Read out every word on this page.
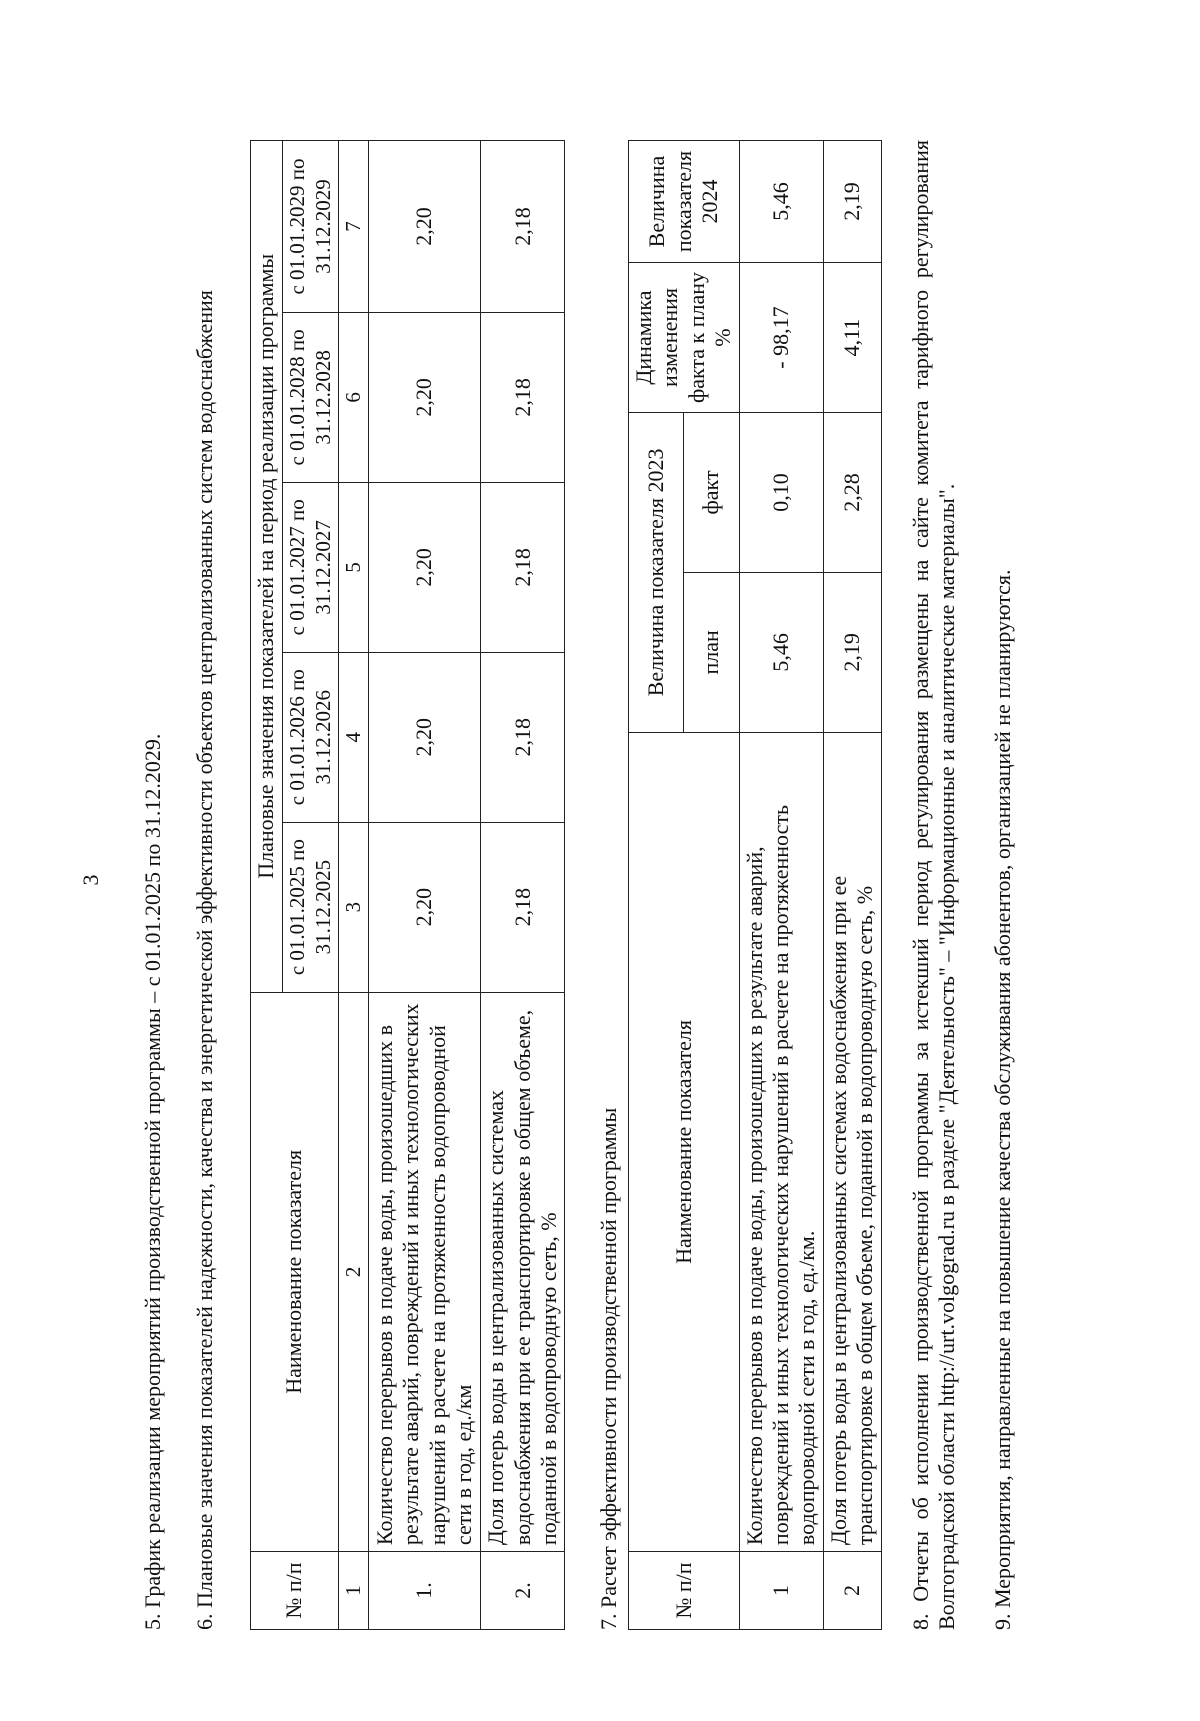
3 5. График реализации мероприятий производственной программы – с 01.01.2025 по 31.12.2029. 6. Плановые значения показателей надежности, качества и энергетической эффективности объектов централизованных систем водоснабжения	№ п/п	Наименование показателя	Плановые значения показателей на период реализации программы				
		с 01.01.2025 по 31.12.2025	с 01.01.2026 по 31.12.2026	с 01.01.2027 по 31.12.2027	с 01.01.2028 по 31.12.2028	с 01.01.2029 по 31.12.2029
1	2	3	4	5	6	7
1.	Количество перерывов в подаче воды, произошедших в результате аварий, повреждений и иных технологических нарушений в расчете на протяженность водопроводной сети в год, ед./км	2,20	2,20	2,20	2,20	2,20
2.	Доля потерь воды в централизованных системах водоснабжения при ее транспортировке в общем объеме, поданной в водопроводную сеть, %	2,18	2,18	2,18	2,18	2,18
7. Расчет эффективности производственной программы № п/п	Наименование показателя	Величина показателя 2023		Динамика изменения факта к плану %	Величина показателя 2024
		план	факт		
1	Количество перерывов в подаче воды, произошедших в результате аварий, повреждений и иных технологических нарушений в расчете на протяженность водопроводной сети в год, ед./км.	5,46	0,10	- 98,17	5,46
2	Доля потерь воды в централизованных системах водоснабжения при ее транспортировке в общем объеме, поданной в водопроводную сеть, %	2,19	2,28	4,11	2,19 8. Отчеты об исполнении производственной программы за истекший период регулирования размещены на сайте комитета тарифного регулирования Волгоградской области http://urt.volgograd.ru в разделе "Деятельность" – "Информационные и аналитические материалы". 9. Мероприятия, направленные на повышение качества обслуживания абонентов, организацией не планируются.
